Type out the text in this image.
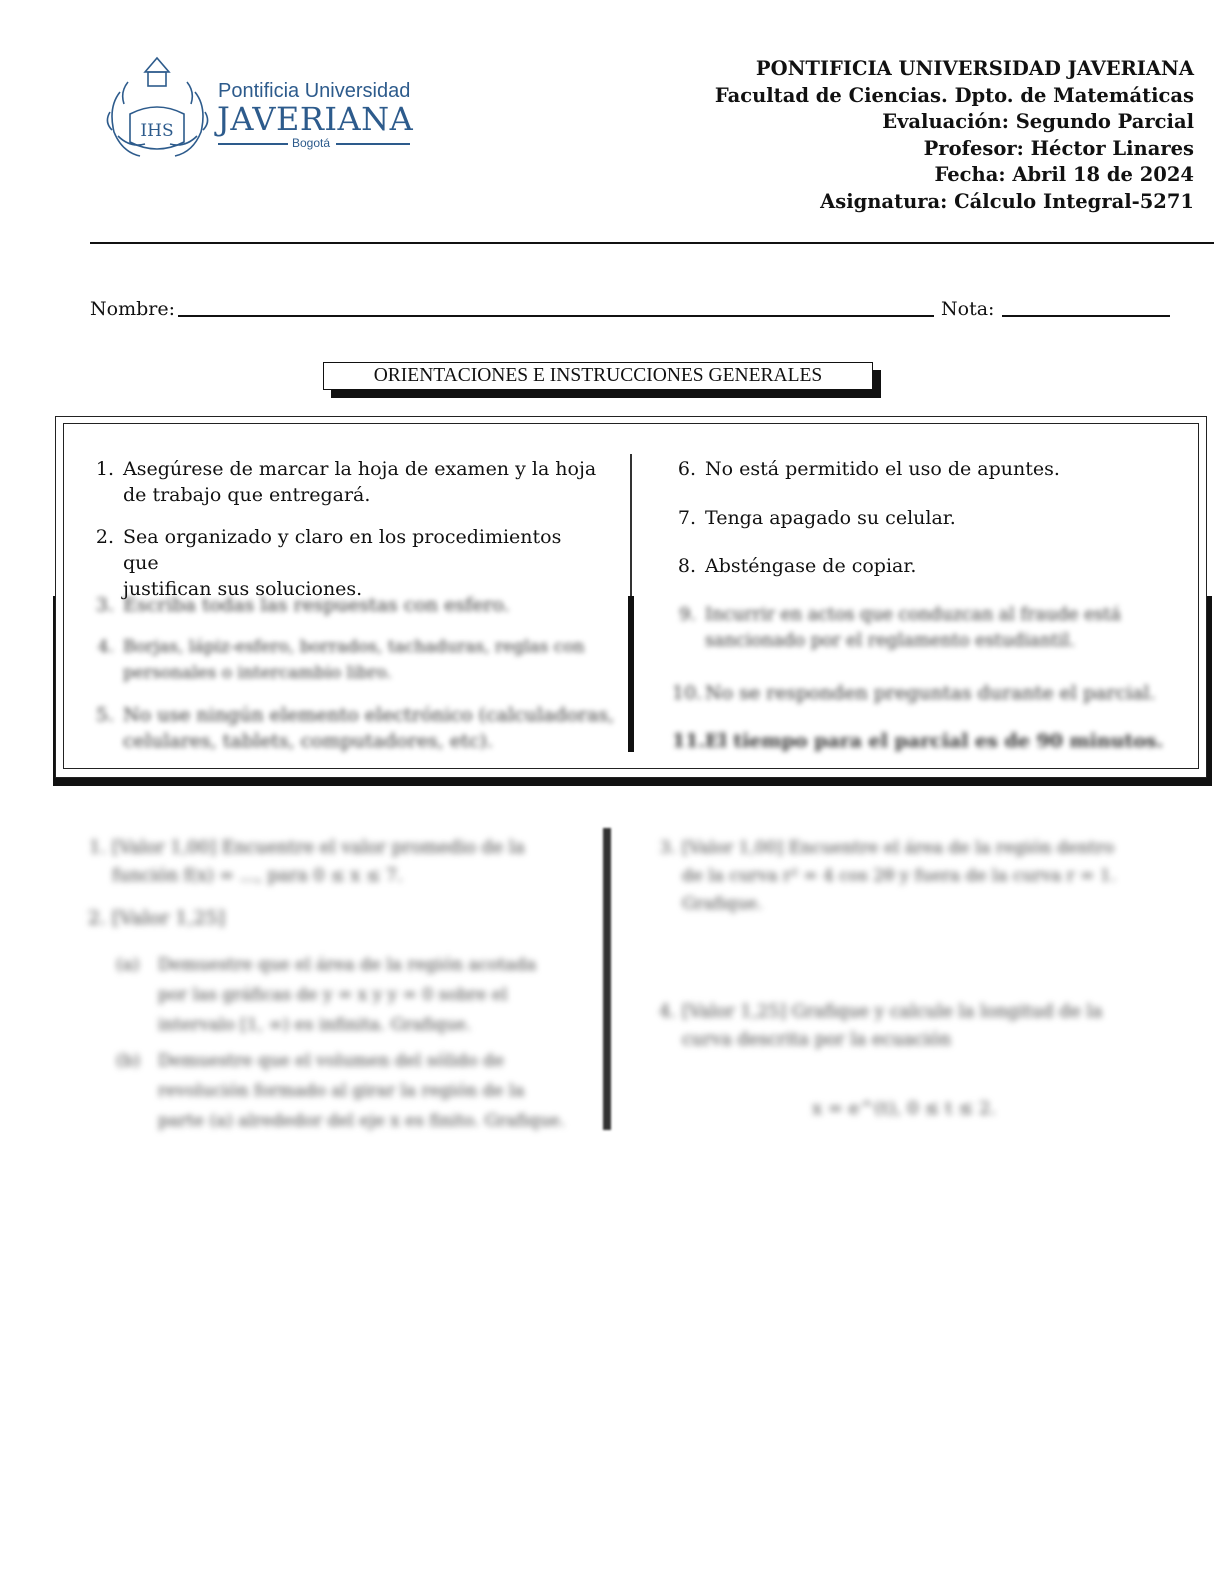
IHS
Pontificia Universidad
JAVERIANA
Bogotá
PONTIFICIA UNIVERSIDAD JAVERIANA
Facultad de Ciencias. Dpto. de Matemáticas
Evaluación: Segundo Parcial
Profesor: Héctor Linares
Fecha: Abril 18 de 2024
Asignatura: Cálculo Integral-5271
Nombre:	Nota:
ORIENTACIONES E INSTRUCCIONES GENERALES
1. Asegúrese de marcar la hoja de examen y la hoja
de trabajo que entregará.
2. Sea organizado y claro en los procedimientos que
justifican sus soluciones.
3. Escriba todas las respuestas con esfero.
4. Borjas, lápiz-esfero, borrados, tachaduras, reglas con
personales o intercambio libro.
5. No use ningún elemento electrónico (calculadoras,
celulares, tablets, computadores, etc).
6. No está permitido el uso de apuntes.
7. Tenga apagado su celular.
8. Absténgase de copiar.
9. Incurrir en actos que conduzcan al fraude está
sancionado por el reglamento estudiantil.
10. No se responden preguntas durante el parcial.
11. El tiempo para el parcial es de 90 minutos.
1. [Valor 1,00] Encuentre el valor promedio de la
función f(x) = ..., para 0 ≤ x ≤ 7.
2. [Valor 1,25]
(a)	Demuestre que el área de la región acotada
por las gráficas de y = x y y = 0 sobre el
intervalo [1, ∞) es infinita. Grafique.
(b)	Demuestre que el volumen del sólido de
revolución formado al girar la región de la
parte (a) alrededor del eje x es finito. Grafique.
3. [Valor 1,00] Encuentre el área de la región dentro
de la curva r² = 4 cos 2θ y fuera de la curva r = 1.
Grafique.
4. [Valor 1,25] Grafique y calcule la longitud de la
curva descrita por la ecuación
x = e^(t), 0 ≤ t ≤ 2.
